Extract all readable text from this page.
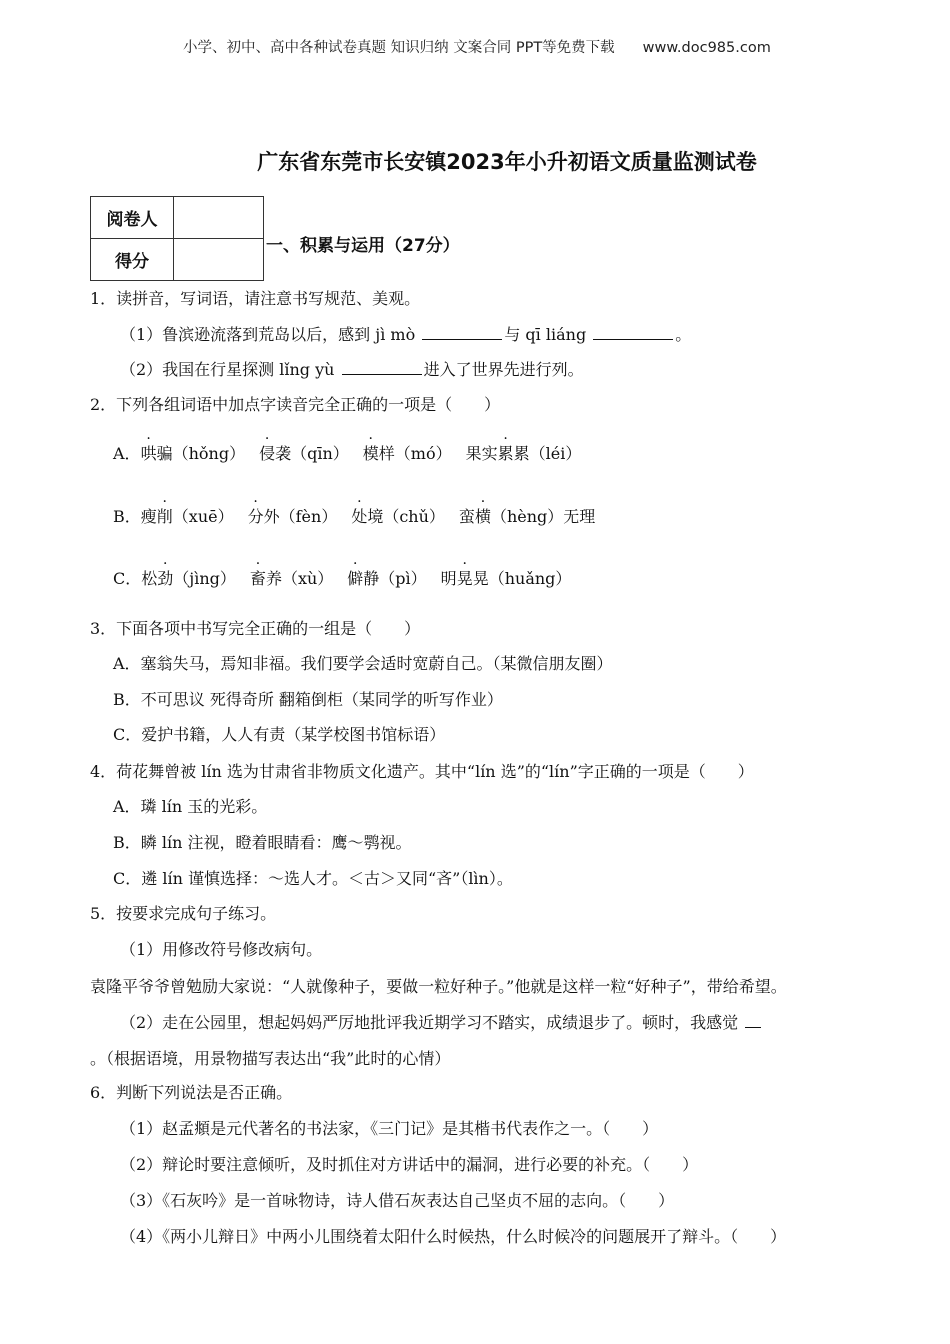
小学、初中、高中各种试卷真题 知识归纳 文案合同 PPT等免费下载 www.doc985.com
广东省东莞市长安镇2023年小升初语文质量监测试卷
阅卷人	
得分	
一、积累与运用（27分）
1．读拼音，写词语，请注意书写规范、美观。
（1）鲁滨逊流落到荒岛以后，感到 jì mò	与 qī liáng	。
（2）我国在行星探测 lǐng yù	进入了世界先进行列。
2．下列各组词语中加点字读音完全正确的一项是（　　）
A．哄骗（hǒng） 侵袭（qīn） 模样（mó） 果实累累（léi）
B．瘦削（xuē） 分外（fèn） 处境（chǔ） 蛮横（hèng）无理
C．松劲（jìng） 畜养（xù） 僻静（pì） 明晃晃（huǎng）
3．下面各项中书写完全正确的一组是（　　）
A．塞翁失马，焉知非福。我们要学会适时宽蔚自己。（某微信朋友圈）
B．不可思议 死得奇所 翻箱倒柜（某同学的听写作业）
C．爱护书籍，人人有责（某学校图书馆标语）
4．荷花舞曾被 lín 选为甘肃省非物质文化遗产。其中“lín 选”的“lín”字正确的一项是（　　）
A．璘 lín 玉的光彩。
B．瞵 lín 注视，瞪着眼睛看：鹰～鹗视。
C．遴 lín 谨慎选择：～选人才。＜古＞又同“吝”（lìn）。
5．按要求完成句子练习。
（1）用修改符号修改病句。
袁隆平爷爷曾勉励大家说：“人就像种子，要做一粒好种子。”他就是这样一粒“好种子”，带给希望。
（2）走在公园里，想起妈妈严厉地批评我近期学习不踏实，成绩退步了。顿时，我感觉
。（根据语境，用景物描写表达出“我”此时的心情）
6．判断下列说法是否正确。
（1）赵孟頫是元代著名的书法家，《三门记》是其楷书代表作之一。（　　）
（2）辩论时要注意倾听，及时抓住对方讲话中的漏洞，进行必要的补充。（　　）
（3）《石灰吟》是一首咏物诗，诗人借石灰表达自己坚贞不屈的志向。（　　）
（4）《两小儿辩日》中两小儿围绕着太阳什么时候热，什么时候冷的问题展开了辩斗。（　　）
